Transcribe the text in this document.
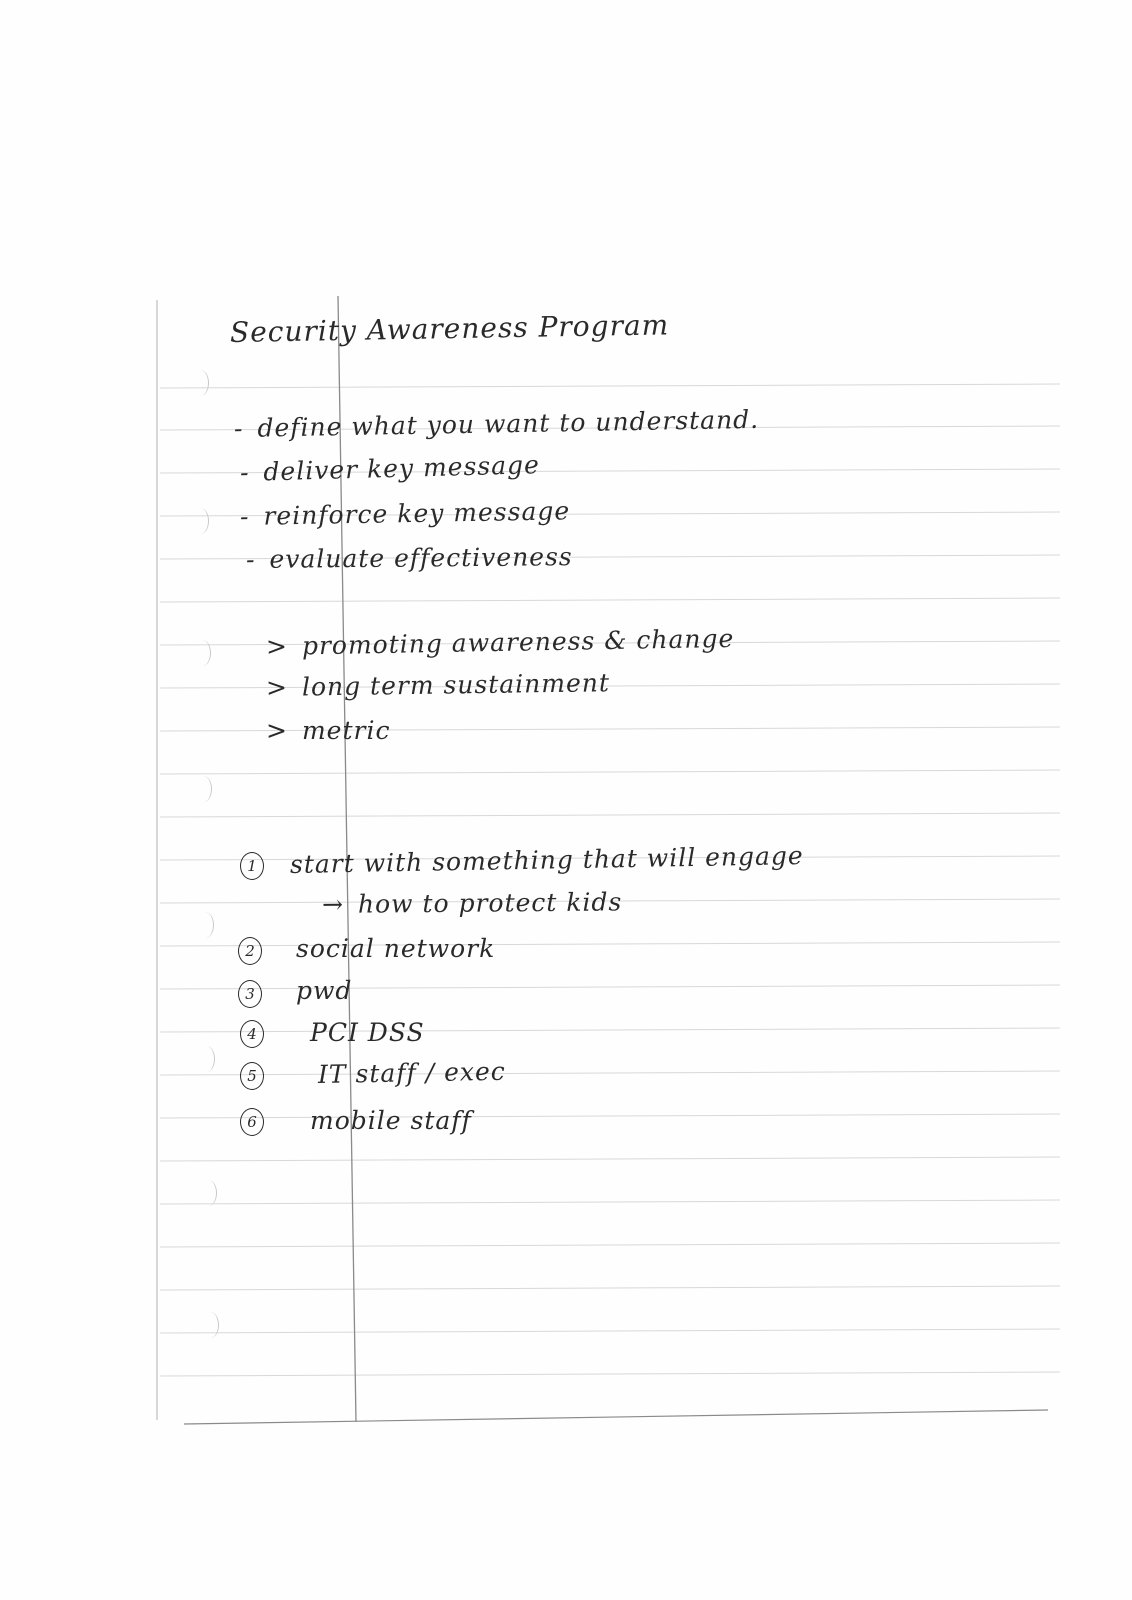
Security Awareness Program
- define what you want to understand.
- deliver key message
- reinforce key message
- evaluate effectiveness
> promoting awareness & change
> long term sustainment
> metric
1 start with something that will engage
→ how to protect kids
2 social network
3 pwd
4 PCI DSS
5 IT staff / exec
6 mobile staff
